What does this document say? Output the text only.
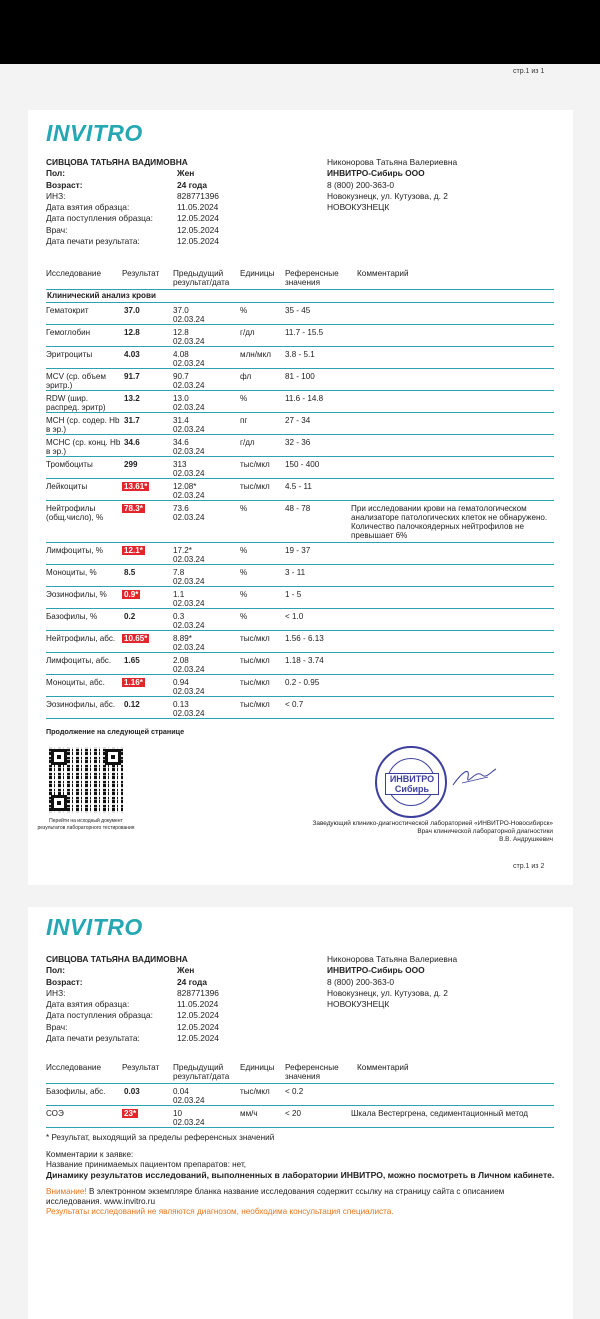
стр.1 из 1
INVITRO
СИВЦОВА ТАТЬЯНА ВАДИМОВНА
Пол:	Жен
Возраст:	24 года
ИНЗ:	828771396
Дата взятия образца:	11.05.2024
Дата поступления образца:	12.05.2024
Врач:	12.05.2024
Дата печати результата:	12.05.2024
Никонорова Татьяна Валериевна
ИНВИТРО-Сибирь ООО
8 (800) 200-363-0
Новокузнецк, ул. Кутузова, д. 2
НОВОКУЗНЕЦК
Исследование	Результат Предыдущий
результат/дата
Единицы Референсные
значения
Комментарий
Клинический анализ крови
Гематокрит	37.0	37.0	%	35 - 45
02.03.24
Гемоглобин	12.8	12.8	г/дл	11.7 - 15.5
02.03.24
Эритроциты	4.03	4.08	млн/мкл 3.8 - 5.1
02.03.24
MCV (ср. объем эритр.)
91.7	90.7	фл	81 - 100
02.03.24
RDW (шир. распред. эритр)
13.2	13.0	%	11.6 - 14.8
02.03.24
MCH (ср. содер. Hb в эр.)
31.7	31.4	пг	27 - 34
02.03.24
MCHC (ср. конц. Hb в эр.)
34.6	34.6	г/дл	32 - 36
02.03.24
Тромбоциты	299	313	тыс/мкл 150 - 400
02.03.24
Лейкоциты	13.61*	12.08*	тыс/мкл 4.5 - 11
02.03.24
Нейтрофилы (общ.число), %
78.3*	73.6	%	48 - 78	При исследовании крови на гематологическом анализаторе патологических клеток не обнаружено. Количество палочкоядерных нейтрофилов не превышает 6%
02.03.24
Лимфоциты, %	12.1*	17.2*	%	19 - 37
02.03.24
Моноциты, %	8.5	7.8	%	3 - 11
02.03.24
Эозинофилы, %	0.9*	1.1	%	1 - 5
02.03.24
Базофилы, %	0.2	0.3	%	< 1.0
02.03.24
Нейтрофилы, абс.	10.65*	8.89*	тыс/мкл 1.56 - 6.13
02.03.24
Лимфоциты, абс.	1.65	2.08	тыс/мкл 1.18 - 3.74
02.03.24
Моноциты, абс.	1.16*	0.94	тыс/мкл 0.2 - 0.95
02.03.24
Эозинофилы, абс.	0.12	0.13	тыс/мкл < 0.7
02.03.24
Продолжение на следующей странице
Перейти на исходный документ результатов лабораторного тестирования
ИНВИТРО
Сибирь
Заведующий клинико-диагностической лабораторией «ИНВИТРО-Новосибирск»
Врач клинической лабораторной диагностики
В.В. Андрушкевич
стр.1 из 2
INVITRO
СИВЦОВА ТАТЬЯНА ВАДИМОВНА
Пол:	Жен
Возраст:	24 года
ИНЗ:	828771396
Дата взятия образца:	11.05.2024
Дата поступления образца:	12.05.2024
Врач:	12.05.2024
Дата печати результата:	12.05.2024
Никонорова Татьяна Валериевна
ИНВИТРО-Сибирь ООО
8 (800) 200-363-0
Новокузнецк, ул. Кутузова, д. 2
НОВОКУЗНЕЦК
Исследование	Результат Предыдущий
результат/дата
Единицы Референсные
значения
Комментарий
Базофилы, абс.	0.03	0.04	тыс/мкл < 0.2
02.03.24
СОЭ	23*	10	мм/ч	< 20	Шкала Вестергрена, седиментационный метод
02.03.24
* Результат, выходящий за пределы референсных значений
Комментарии к заявке:
Название принимаемых пациентом препаратов: нет,
Динамику результатов исследований, выполненных в лаборатории ИНВИТРО, можно посмотреть в Личном кабинете.
Внимание! В электронном экземпляре бланка название исследования содержит ссылку на страницу сайта с описанием исследования. www.invitro.ru
Результаты исследований не являются диагнозом, необходима консультация специалиста.
